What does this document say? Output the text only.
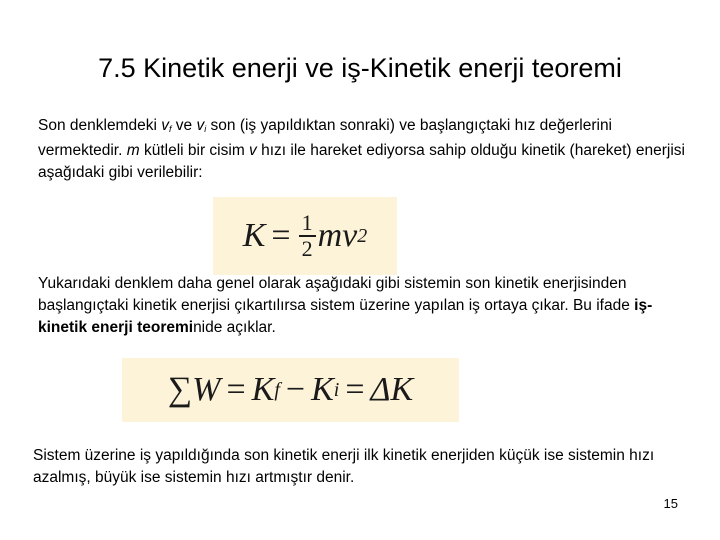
7.5 Kinetik enerji ve iş-Kinetik enerji teoremi

Son denklemdeki $v_f$ ve $v_i$ son (iş yapıldıktan sonraki) ve başlangıçtaki hız değerlerini vermektedir. m kütleli bir cisim v hızı ile hareket ediyorsa sahip olduğu kinetik (hareket) enerjisi aşağıdaki gibi verilebilir:

$K = \frac{1}{2}$ mv 2

Yukarıdaki denklem daha genel olarak aşağıdaki gibi sistemin son kinetik enerjisinden başlangıçtaki kinetik enerjisi çıkartılırsa sistem üzerine yapılan iş ortaya çıkar. Bu ifade iş-kinetik enerji teoreminide açıklar.

∑ W = K f − K i = ΔK

Sistem üzerine iş yapıldığında son kinetik enerji ilk kinetik enerjiden küçük ise sistemin hızı azalmış, büyük ise sistemin hızı artmıştır denir.

15
